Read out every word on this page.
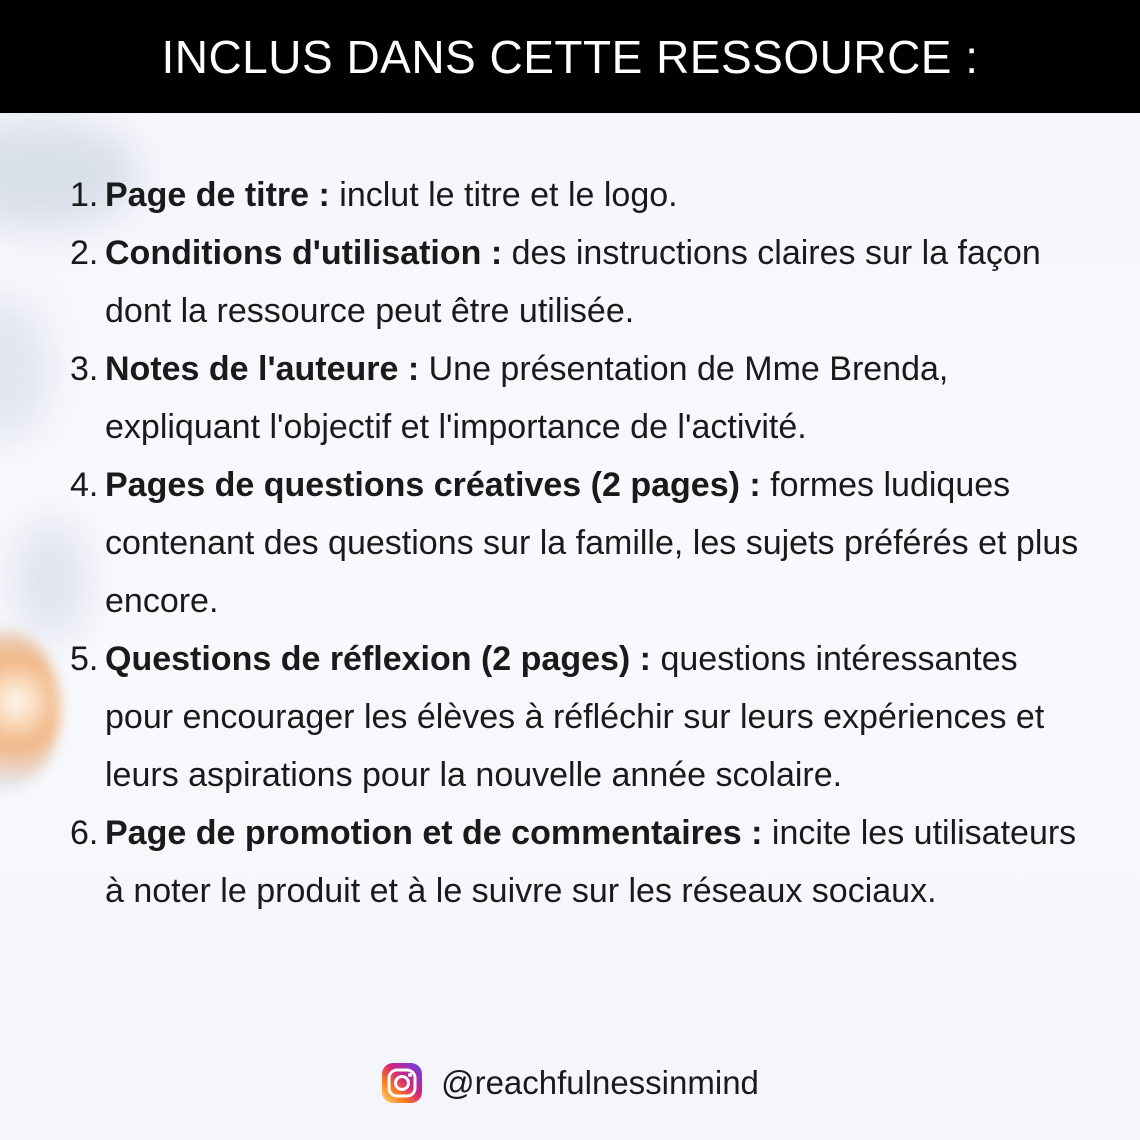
INCLUS DANS CETTE RESSOURCE :
1. Page de titre : inclut le titre et le logo.
2. Conditions d'utilisation : des instructions claires sur la façon dont la ressource peut être utilisée.
3. Notes de l'auteure : Une présentation de Mme Brenda, expliquant l'objectif et l'importance de l'activité.
4. Pages de questions créatives (2 pages) : formes ludiques contenant des questions sur la famille, les sujets préférés et plus encore.
5. Questions de réflexion (2 pages) : questions intéressantes pour encourager les élèves à réfléchir sur leurs expériences et leurs aspirations pour la nouvelle année scolaire.
6. Page de promotion et de commentaires : incite les utilisateurs à noter le produit et à le suivre sur les réseaux sociaux.
@reachfulnessinmind
